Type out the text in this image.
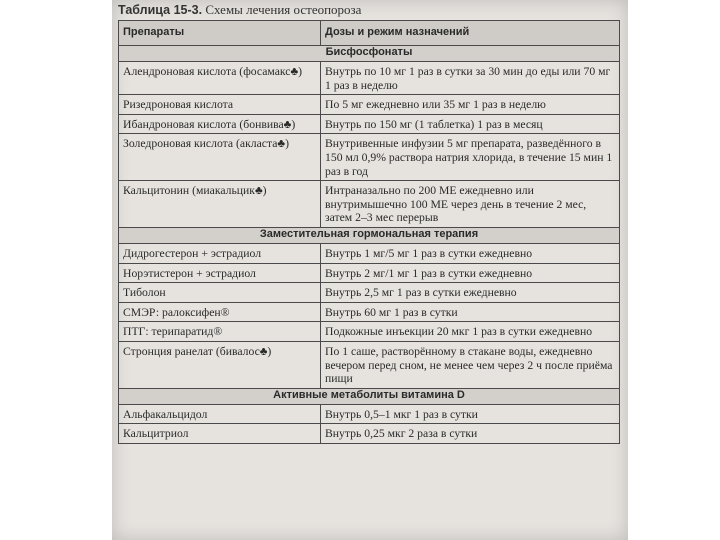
Таблица 15-3. Схемы лечения остеопороза
Препараты	Дозы и режим назначений
Бисфосфонаты	
Алендроновая кислота (фосамакс♣)	Внутрь по 10 мг 1 раз в сутки за 30 мин до еды или 70 мг 1 раз в неделю
Ризедроновая кислота	По 5 мг ежедневно или 35 мг 1 раз в неделю
Ибандроновая кислота (бонвива♣)	Внутрь по 150 мг (1 таблетка) 1 раз в месяц
Золедроновая кислота (акласта♣)	Внутривенные инфузии 5 мг препарата, разведённого в 150 мл 0,9% раствора натрия хлорида, в течение 15 мин 1 раз в год
Кальцитонин (миакальцик♣)	Интраназально по 200 МЕ ежедневно или внутримышечно 100 МЕ через день в течение 2 мес, затем 2–3 мес перерыв
Заместительная гормональная терапия	
Дидрогестерон + эстрадиол	Внутрь 1 мг/5 мг 1 раз в сутки ежедневно
Норэтистерон + эстрадиол	Внутрь 2 мг/1 мг 1 раз в сутки ежедневно
Тиболон	Внутрь 2,5 мг 1 раз в сутки ежедневно
СМЭР: ралоксифен®	Внутрь 60 мг 1 раз в сутки
ПТГ: терипаратид®	Подкожные инъекции 20 мкг 1 раз в сутки ежедневно
Стронция ранелат (бивалос♣)	По 1 саше, растворённому в стакане воды, ежедневно вечером перед сном, не менее чем через 2 ч после приёма пищи
Активные метаболиты витамина D	
Альфакальцидол	Внутрь 0,5–1 мкг 1 раз в сутки
Кальцитриол	Внутрь 0,25 мкг 2 раза в сутки
